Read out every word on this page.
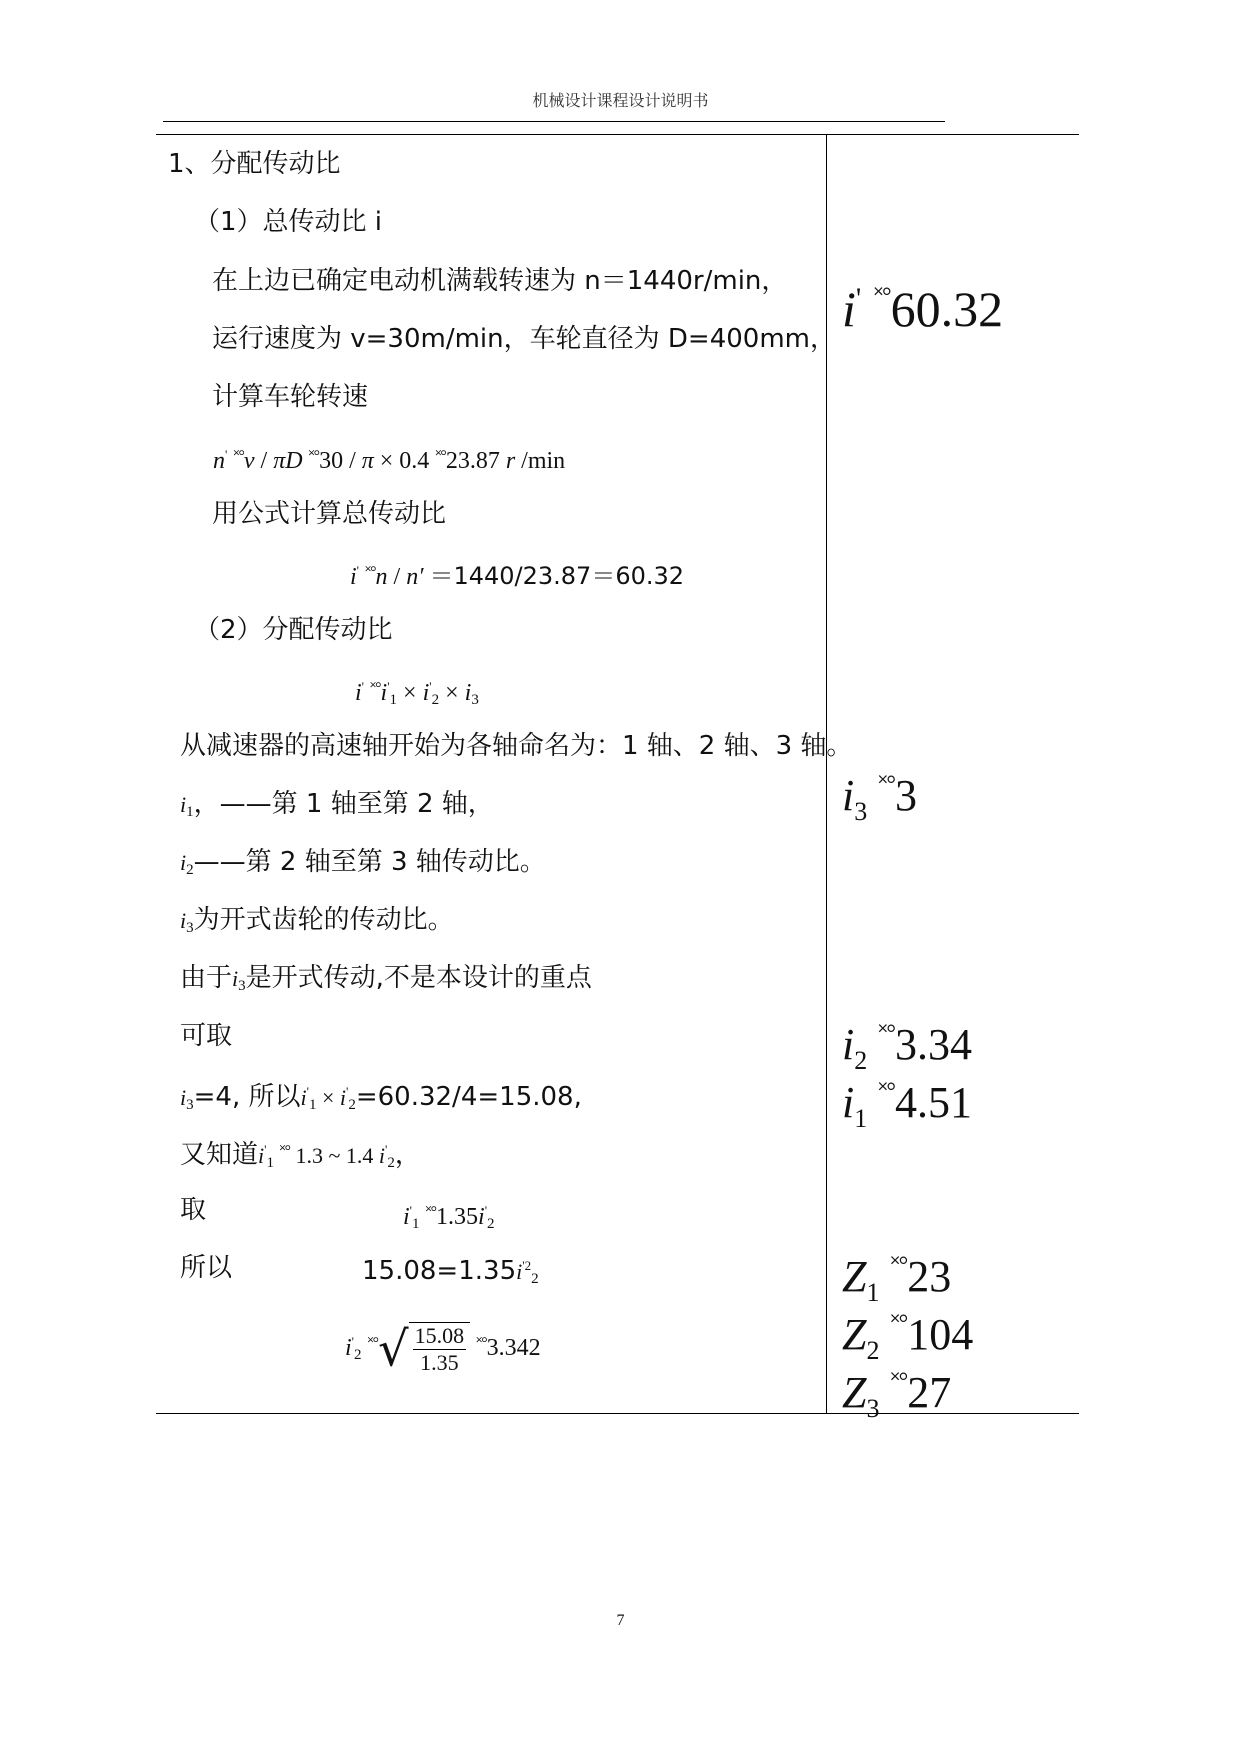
机械设计课程设计说明书
1、分配传动比
（1）总传动比 i
在上边已确定电动机满载转速为 n＝1440r/min，
运行速度为 v=30m/min，车轮直径为 D=400mm，
计算车轮转速
n' ˟°v / πD ˟°30 / π × 0.4 ˟°23.87 r /min
用公式计算总传动比
i' ˟°n / n′ ＝1440/23.87＝60.32
（2）分配传动比
i' $^{˟^\circ}i'_1 \times i'_2 \times i_3$
从减速器的高速轴开始为各轴命名为：1 轴、2 轴、3 轴。
$i_1$，——第 1 轴至第 2 轴，
$i_2——$第 2 轴至第 3 轴传动比。
$i_3$为开式齿轮的传动比。
由于$i_3$是开式传动,不是本设计的重点
可取
$i_3=4$, 所以$i'_1 \times i'_2=60.32/4=15.08$,
又知道$i'_1$ ˟° 1.3 ~ 1.4 $i'_2$，
取	$i'_1$ $^{˟^\circ}1.35i'_2$
所以	$15.08=1.35i^{'2}_2$
$i'_2$ $^{˟^\circ}√ \frac{15.08}{1.35} ^{˟^\circ}3.342$
i' ˟°60.32
$i_3$ ˟°3
$i_2$ ˟°3.34
$i_1$ ˟°4.51
$Z_1$ ˟°23
$Z_2$ ˟°104
$Z_3$ ˟°27
7
